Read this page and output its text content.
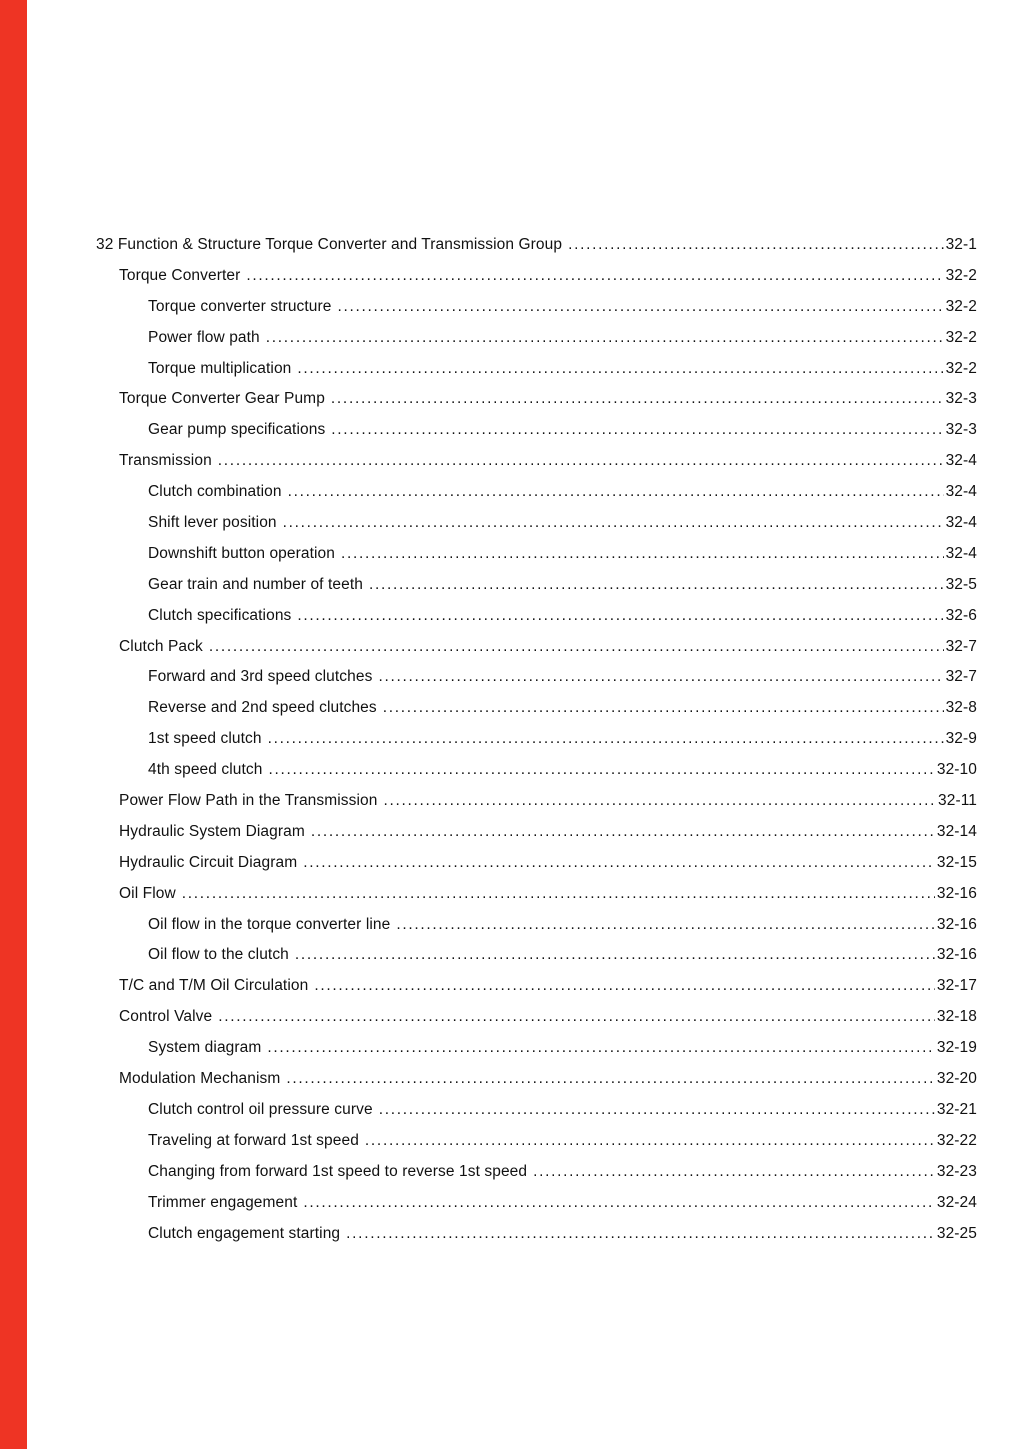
32 Function & Structure Torque Converter and Transmission Group .....	32-1
Torque Converter .....	32-2
Torque converter structure .....	32-2
Power flow path .....	32-2
Torque multiplication .....	32-2
Torque Converter Gear Pump .....	32-3
Gear pump specifications .....	32-3
Transmission .....	32-4
Clutch combination .....	32-4
Shift lever position .....	32-4
Downshift button operation .....	32-4
Gear train and number of teeth .....	32-5
Clutch specifications .....	32-6
Clutch Pack .....	32-7
Forward and 3rd speed clutches .....	32-7
Reverse and 2nd speed clutches .....	32-8
1st speed clutch .....	32-9
4th speed clutch .....	32-10
Power Flow Path in the Transmission .....	32-11
Hydraulic System Diagram .....	32-14
Hydraulic Circuit Diagram .....	32-15
Oil Flow .....	32-16
Oil flow in the torque converter line .....	32-16
Oil flow to the clutch .....	32-16
T/C and T/M Oil Circulation .....	32-17
Control Valve .....	32-18
System diagram .....	32-19
Modulation Mechanism .....	32-20
Clutch control oil pressure curve .....	32-21
Traveling at forward 1st speed .....	32-22
Changing from forward 1st speed to reverse 1st speed .....	32-23
Trimmer engagement .....	32-24
Clutch engagement starting .....	32-25
